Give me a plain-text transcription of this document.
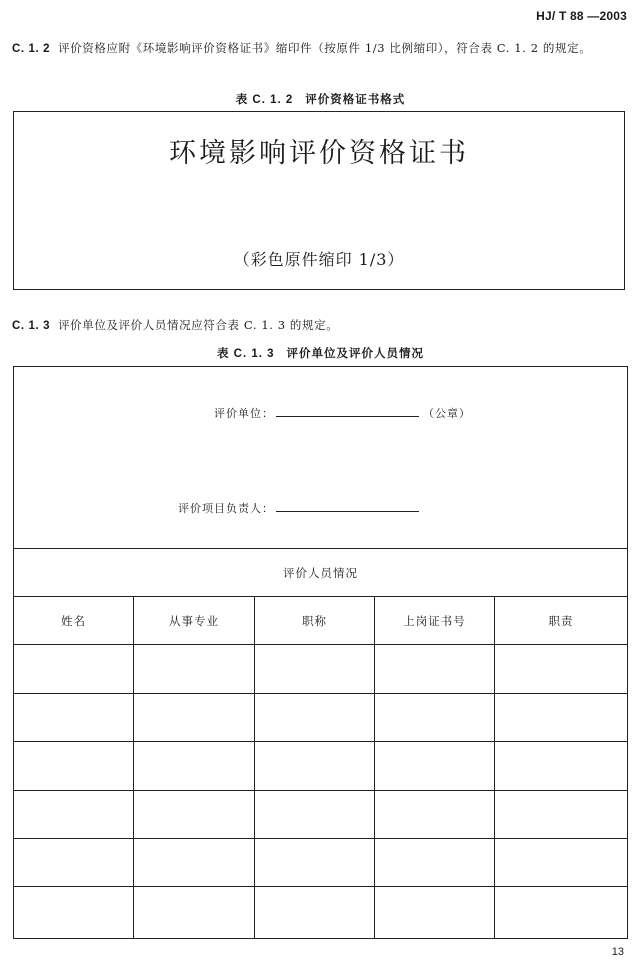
HJ/ T 88 —2003
C. 1. 2 评价资格应附《环境影响评价资格证书》缩印件（按原件 1/3 比例缩印），符合表 C. 1. 2 的规定。
表 C. 1. 2 评价资格证书格式
环境影响评价资格证书
（彩色原件缩印 1/3）
C. 1. 3 评价单位及评价人员情况应符合表 C. 1. 3 的规定。
表 C. 1. 3 评价单位及评价人员情况
评价单位： （公章）
评价项目负责人：				

评价人员情况				
姓名	从事专业	职称	上岗证书号	职责

13
